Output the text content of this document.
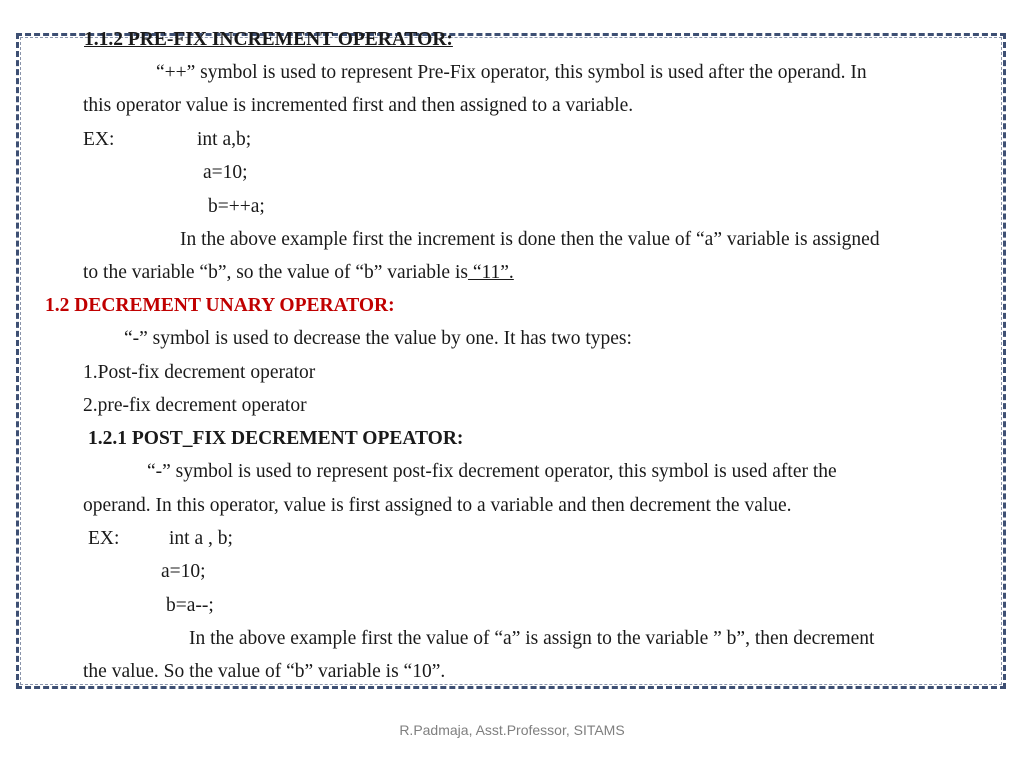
1.1.2 PRE-FIX INCREMENT OPERATOR:
“++” symbol is used to represent Pre-Fix operator, this symbol is used after the operand. In
this operator value is incremented first and then assigned to a variable.
EX:	int a,b;
a=10;
b=++a;
In the above example first the increment is done then the value of “a” variable is assigned
to the variable “b”, so the value of “b” variable is “11”.
1.2 DECREMENT UNARY OPERATOR:
“-” symbol is used to decrease the value by one. It has two types:
1.Post-fix decrement operator
2.pre-fix decrement operator
1.2.1 POST_FIX DECREMENT OPEATOR:
“-” symbol is used to represent post-fix decrement operator, this symbol is used after the
operand. In this operator, value is first assigned to a variable and then decrement the value.
EX:	int a , b;
a=10;
b=a--;
In the above example first the value of “a” is assign to the variable ” b”, then decrement
the value. So the value of “b” variable is “10”.
R.Padmaja, Asst.Professor, SITAMS
